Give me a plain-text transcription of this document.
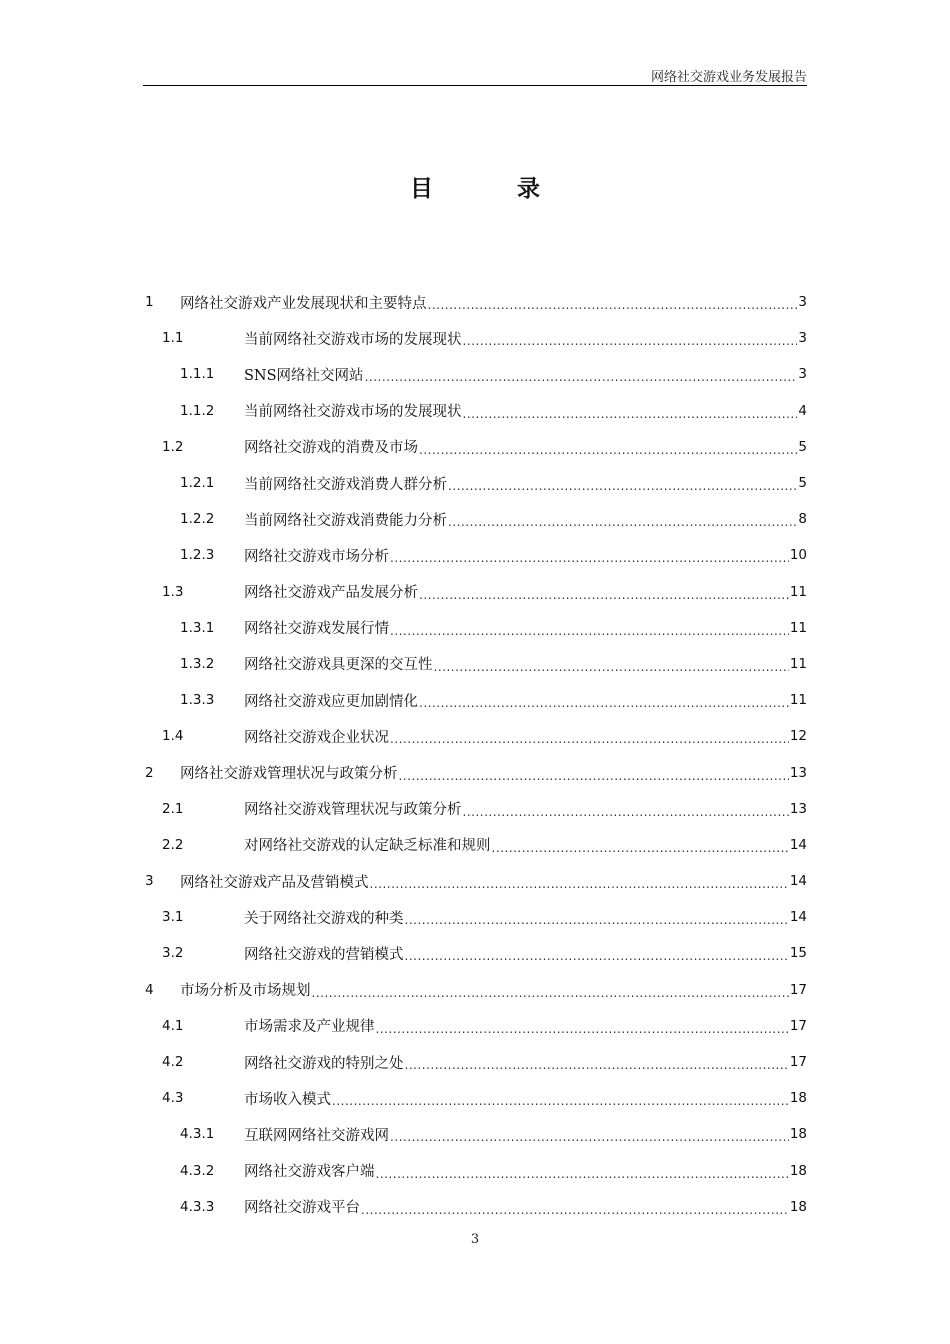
网络社交游戏业务发展报告
目 录
1 网络社交游戏产业发展现状和主要特点 .....	3
1.1	当前网络社交游戏市场的发展现状 .....	3
1.1.1 SNS网络社交网站 .....	3
1.1.2 当前网络社交游戏市场的发展现状 .....	4
1.2	网络社交游戏的消费及市场 .....	5
1.2.1 当前网络社交游戏消费人群分析 .....	5
1.2.2 当前网络社交游戏消费能力分析 .....	8
1.2.3 网络社交游戏市场分析 .....	10
1.3	网络社交游戏产品发展分析 .....	11
1.3.1 网络社交游戏发展行情 .....	11
1.3.2 网络社交游戏具更深的交互性 .....	11
1.3.3 网络社交游戏应更加剧情化 .....	11
1.4	网络社交游戏企业状况 .....	12
2 网络社交游戏管理状况与政策分析 .....	13
2.1	网络社交游戏管理状况与政策分析 .....	13
2.2	对网络社交游戏的认定缺乏标准和规则 .....	14
3 网络社交游戏产品及营销模式 .....	14
3.1	关于网络社交游戏的种类 .....	14
3.2	网络社交游戏的营销模式 .....	15
4 市场分析及市场规划 .....	17
4.1	市场需求及产业规律 .....	17
4.2	网络社交游戏的特别之处 .....	17
4.3	市场收入模式 .....	18
4.3.1 互联网网络社交游戏网 .....	18
4.3.2 网络社交游戏客户端 .....	18
4.3.3 网络社交游戏平台 .....	18
3
